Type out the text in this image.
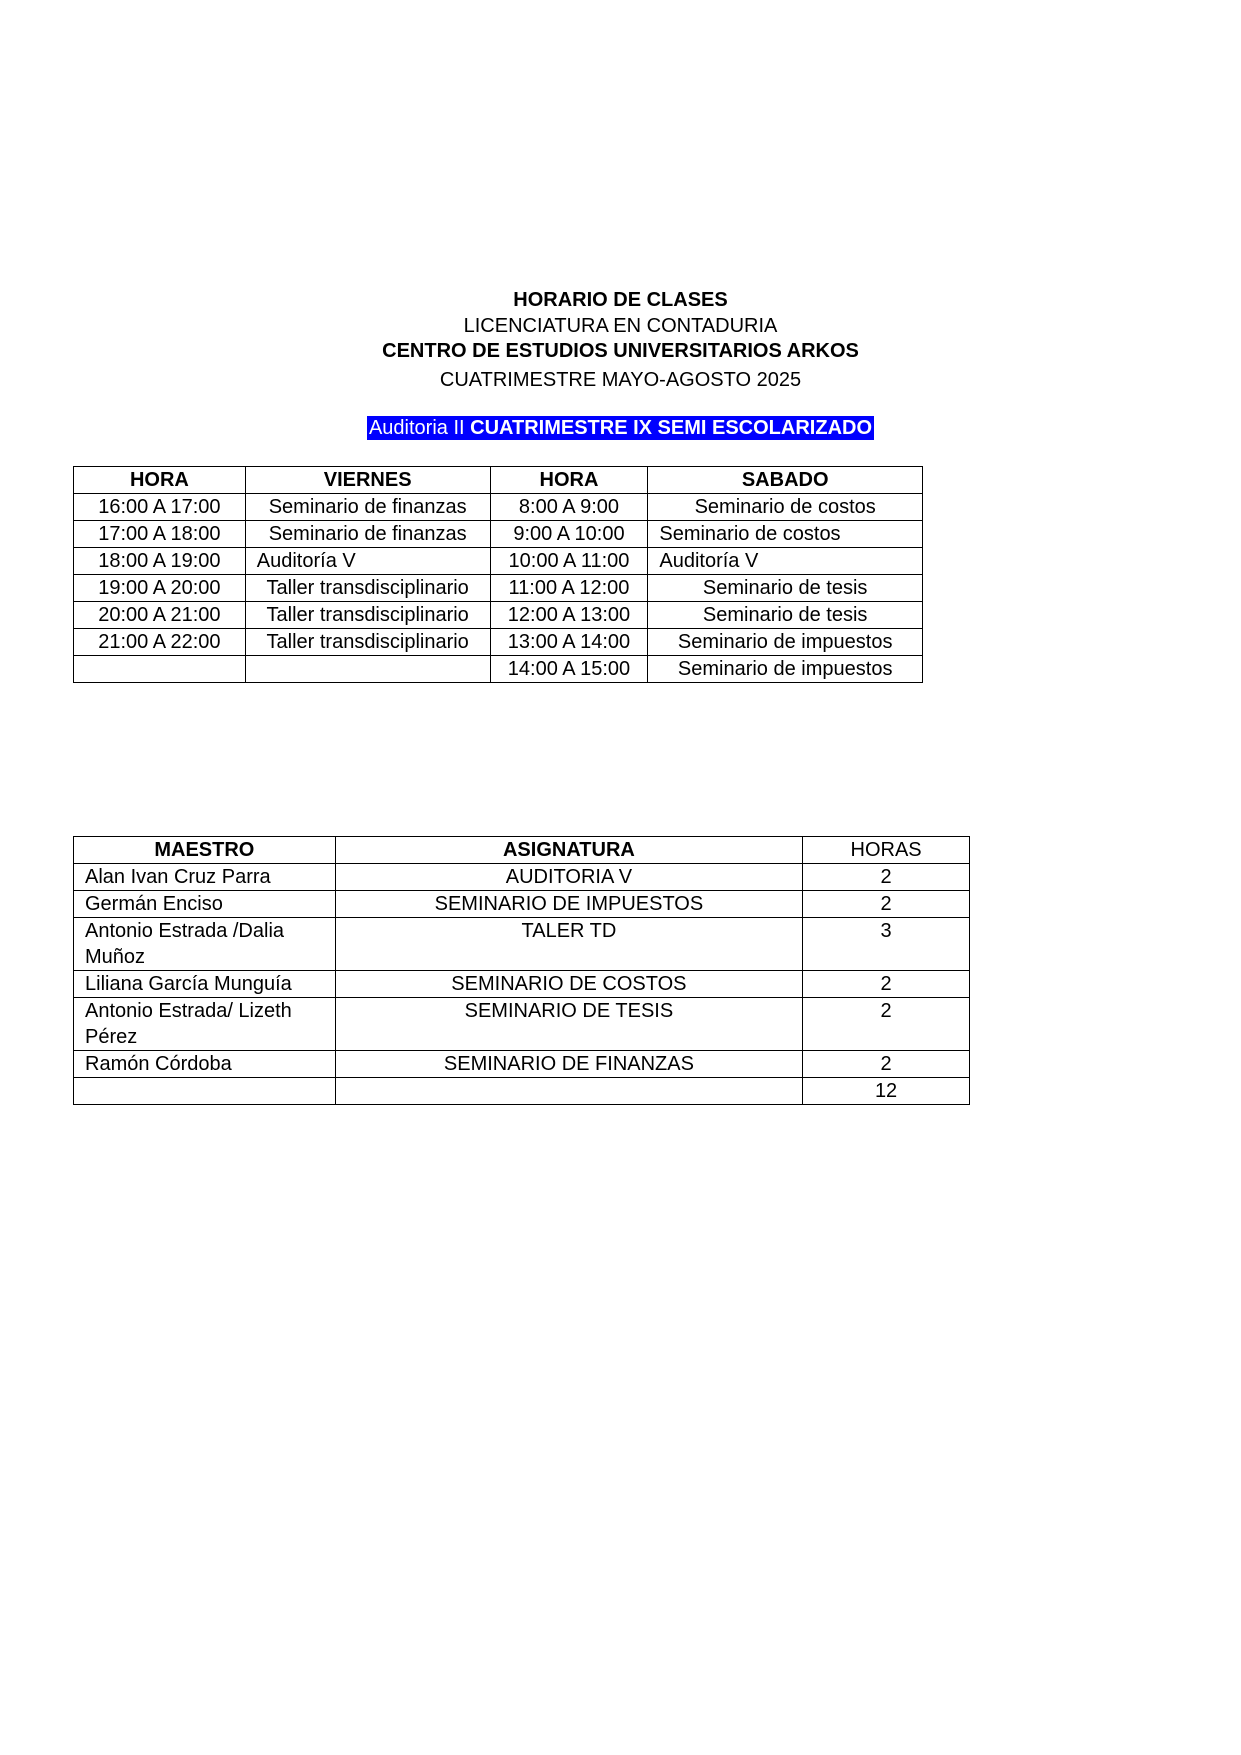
HORARIO DE CLASES
LICENCIATURA EN CONTADURIA
CENTRO DE ESTUDIOS UNIVERSITARIOS ARKOS
CUATRIMESTRE MAYO-AGOSTO 2025
Auditoria II CUATRIMESTRE IX SEMI ESCOLARIZADO
HORA	VIERNES	HORA	SABADO
16:00 A 17:00	Seminario de finanzas	8:00 A 9:00	Seminario de costos
17:00 A 18:00	Seminario de finanzas	9:00 A 10:00	Seminario de costos
18:00 A 19:00	Auditoría V	10:00 A 11:00	Auditoría V
19:00 A 20:00	Taller transdisciplinario	11:00 A 12:00	Seminario de tesis
20:00 A 21:00	Taller transdisciplinario	12:00 A 13:00	Seminario de tesis
21:00 A 22:00	Taller transdisciplinario	13:00 A 14:00	Seminario de impuestos
		14:00 A 15:00	Seminario de impuestos
MAESTRO	ASIGNATURA	HORAS
Alan Ivan Cruz Parra	AUDITORIA V	2
Germán Enciso	SEMINARIO DE IMPUESTOS	2
Antonio Estrada /Dalia Muñoz	TALER TD	3
Liliana García Munguía	SEMINARIO DE COSTOS	2
Antonio Estrada/ Lizeth Pérez	SEMINARIO DE TESIS	2
Ramón Córdoba	SEMINARIO DE FINANZAS	2
		12
